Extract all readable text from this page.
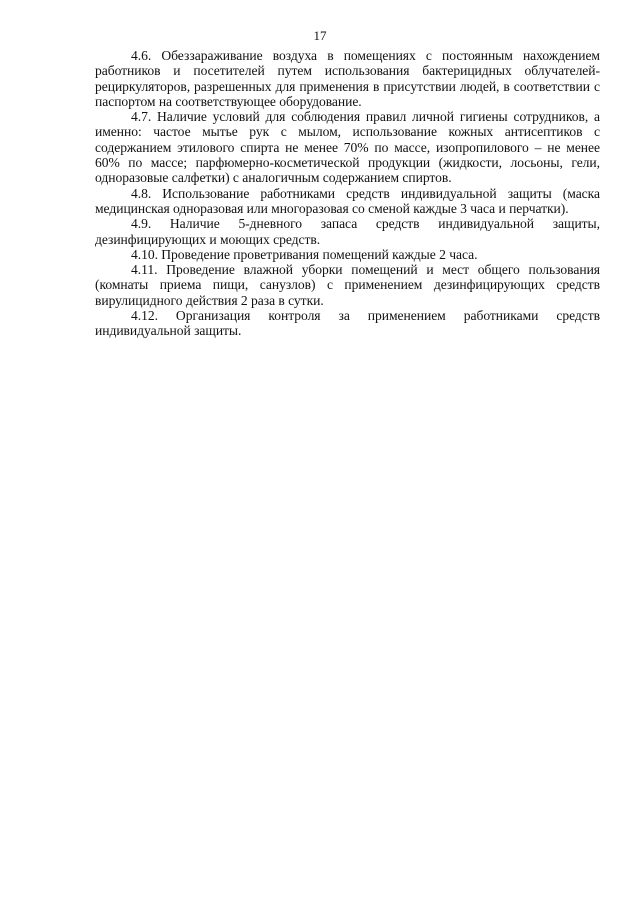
17

4.6. Обеззараживание воздуха в помещениях с постоянным нахождением работников и посетителей путем использования бактерицидных облучателей-рециркуляторов, разрешенных для применения в присутствии людей, в соответствии с паспортом на соответствующее оборудование.

4.7. Наличие условий для соблюдения правил личной гигиены сотрудников, а именно: частое мытье рук с мылом, использование кожных антисептиков с содержанием этилового спирта не менее 70% по массе, изопропилового – не менее 60% по массе; парфюмерно-косметической продукции (жидкости, лосьоны, гели, одноразовые салфетки) с аналогичным содержанием спиртов.

4.8. Использование работниками средств индивидуальной защиты (маска медицинская одноразовая или многоразовая со сменой каждые 3 часа и перчатки).

4.9. Наличие 5-дневного запаса средств индивидуальной защиты, дезинфицирующих и моющих средств.

4.10. Проведение проветривания помещений каждые 2 часа.

4.11. Проведение влажной уборки помещений и мест общего пользования (комнаты приема пищи, санузлов) с применением дезинфицирующих средств вирулицидного действия 2 раза в сутки.

4.12. Организация контроля за применением работниками средств индивидуальной защиты.
